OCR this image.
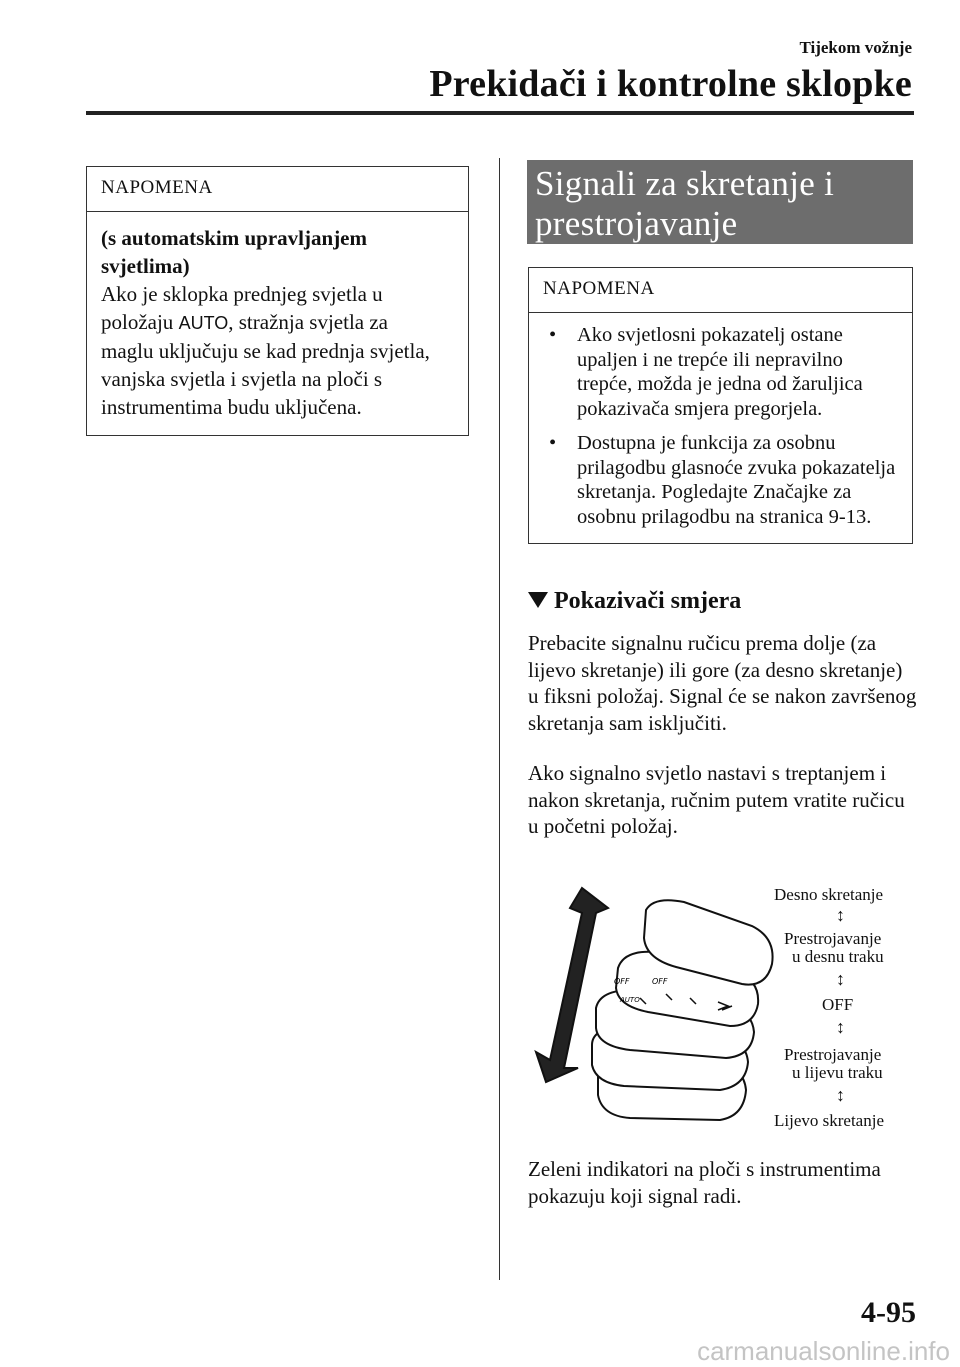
Tijekom vožnje
Prekidači i kontrolne sklopke
NAPOMENA
(s automatskim upravljanjem svjetlima)
Ako je sklopka prednjeg svjetla u
položaju AUTO, stražnja svjetla za
maglu uključuju se kad prednja svjetla, vanjska svjetla i svjetla na ploči s instrumentima budu uključena.
Signali za skretanje i
prestrojavanje
NAPOMENA
• Ako svjetlosni pokazatelj ostane upaljen i ne trepće ili nepravilno trepće, možda je jedna od žaruljica pokazivača smjera pregorjela.
• Dostupna je funkcija za osobnu prilagodbu glasnoće zvuka pokazatelja skretanja. Pogledajte Značajke za osobnu prilagodbu na stranica 9-13.
Pokazivači smjera
Prebacite signalnu ručicu prema dolje (za lijevo skretanje) ili gore (za desno skretanje) u fiksni položaj. Signal će se nakon završenog skretanja sam isključiti.
Ako signalno svjetlo nastavi s treptanjem i nakon skretanja, ručnim putem vratite ručicu u početni položaj.
OFF	OFF
AUTO
Desno skretanje
↕
Prestrojavanje
u desnu traku
↕
OFF
↕
Prestrojavanje
u lijevu traku
↕
Lijevo skretanje
Zeleni indikatori na ploči s instrumentima pokazuju koji signal radi.
4-95
carmanualsonline.info
